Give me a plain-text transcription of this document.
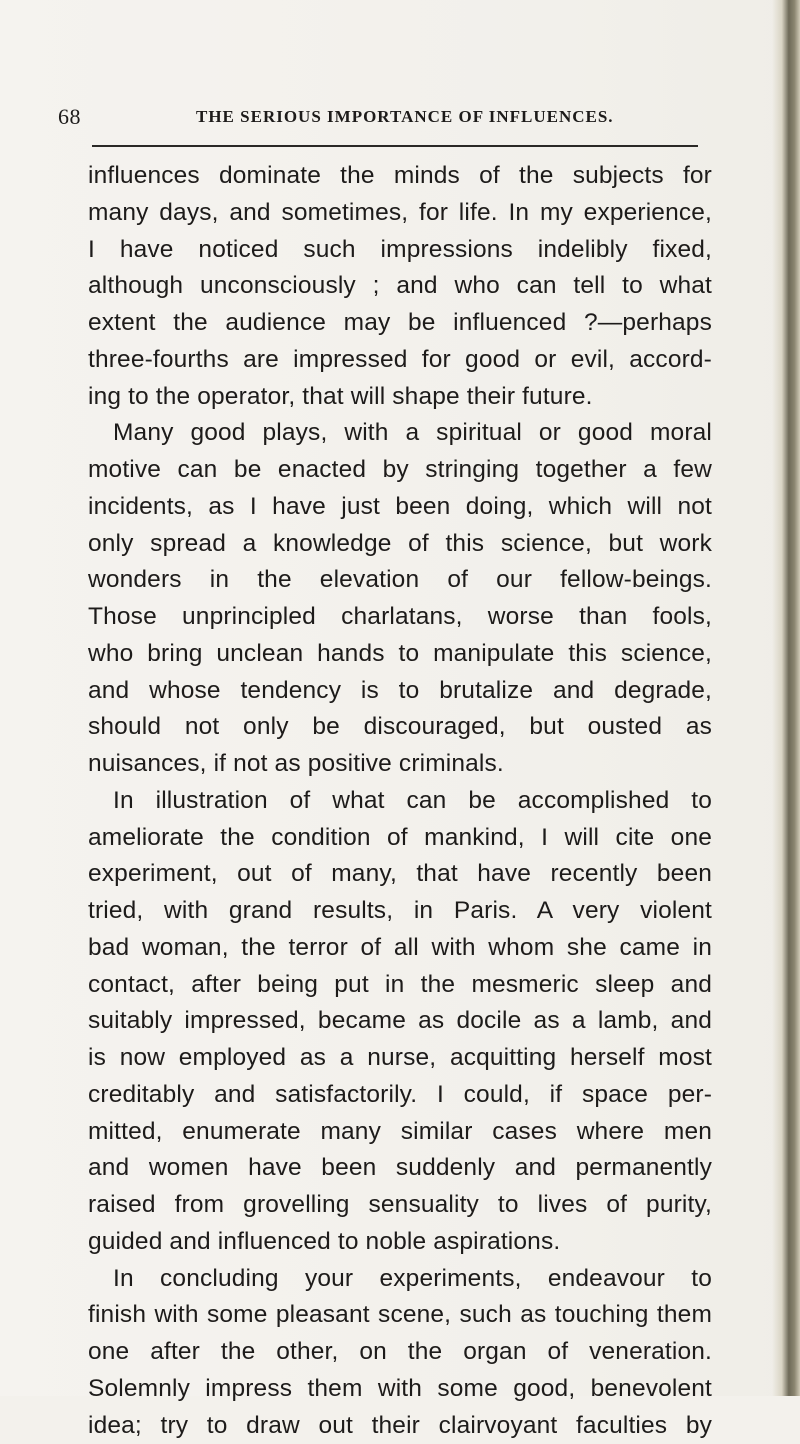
68	THE SERIOUS IMPORTANCE OF INFLUENCES.
influences dominate the minds of the subjects for
many days, and sometimes, for life. In my experience,
I have noticed such impressions indelibly fixed,
although unconsciously ; and who can tell to what
extent the audience may be influenced ?—perhaps
three-fourths are impressed for good or evil, accord-
ing to the operator, that will shape their future.
Many good plays, with a spiritual or good moral
motive can be enacted by stringing together a few
incidents, as I have just been doing, which will not
only spread a knowledge of this science, but work
wonders in the elevation of our fellow-beings.
Those unprincipled charlatans, worse than fools,
who bring unclean hands to manipulate this science,
and whose tendency is to brutalize and degrade,
should not only be discouraged, but ousted as
nuisances, if not as positive criminals.
In illustration of what can be accomplished to
ameliorate the condition of mankind, I will cite one
experiment, out of many, that have recently been
tried, with grand results, in Paris. A very violent
bad woman, the terror of all with whom she came in
contact, after being put in the mesmeric sleep and
suitably impressed, became as docile as a lamb, and
is now employed as a nurse, acquitting herself most
creditably and satisfactorily. I could, if space per-
mitted, enumerate many similar cases where men
and women have been suddenly and permanently
raised from grovelling sensuality to lives of purity,
guided and influenced to noble aspirations.
In concluding your experiments, endeavour to
finish with some pleasant scene, such as touching them
one after the other, on the organ of veneration.
Solemnly impress them with some good, benevolent
idea; try to draw out their clairvoyant faculties by
